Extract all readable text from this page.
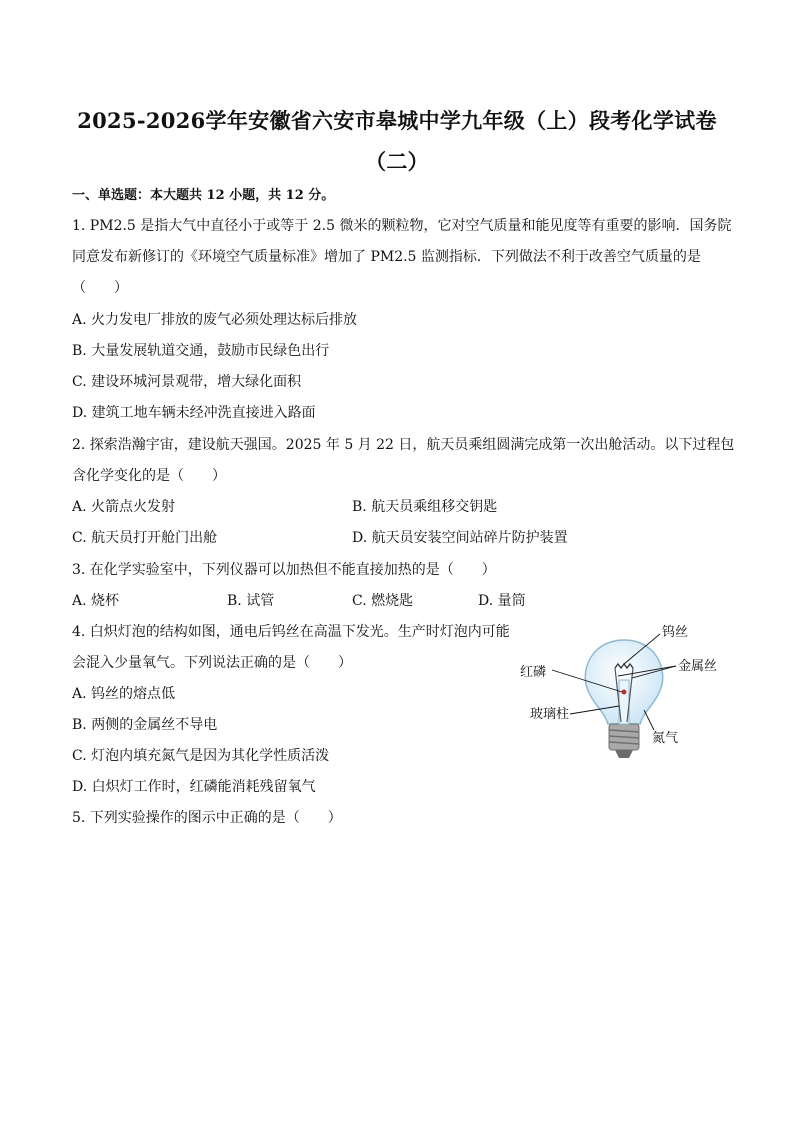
2025-2026学年安徽省六安市皋城中学九年级（上）段考化学试卷
（二）
一、单选题：本大题共 12 小题，共 12 分。
1. PM2.5 是指大气中直径小于或等于 2.5 微米的颗粒物，它对空气质量和能见度等有重要的影响．国务院
同意发布新修订的《环境空气质量标准》增加了 PM2.5 监测指标．下列做法不利于改善空气质量的是
（　　）
A. 火力发电厂排放的废气必须处理达标后排放
B. 大量发展轨道交通，鼓励市民绿色出行
C. 建设环城河景观带，增大绿化面积
D. 建筑工地车辆未经冲洗直接进入路面
2. 探索浩瀚宇宙，建设航天强国。2025 年 5 月 22 日，航天员乘组圆满完成第一次出舱活动。以下过程包
含化学变化的是（　　）
A. 火箭点火发射	B. 航天员乘组移交钥匙
C. 航天员打开舱门出舱	D. 航天员安装空间站碎片防护装置
3. 在化学实验室中，下列仪器可以加热但不能直接加热的是（　　）
A. 烧杯	B. 试管	C. 燃烧匙	D. 量筒
4. 白炽灯泡的结构如图，通电后钨丝在高温下发光。生产时灯泡内可能
会混入少量氧气。下列说法正确的是（　　）
A. 钨丝的熔点低
B. 两侧的金属丝不导电
C. 灯泡内填充氮气是因为其化学性质活泼
D. 白炽灯工作时，红磷能消耗残留氧气
钨丝
金属丝
红磷
玻璃柱
氮气
5. 下列实验操作的图示中正确的是（　　）
